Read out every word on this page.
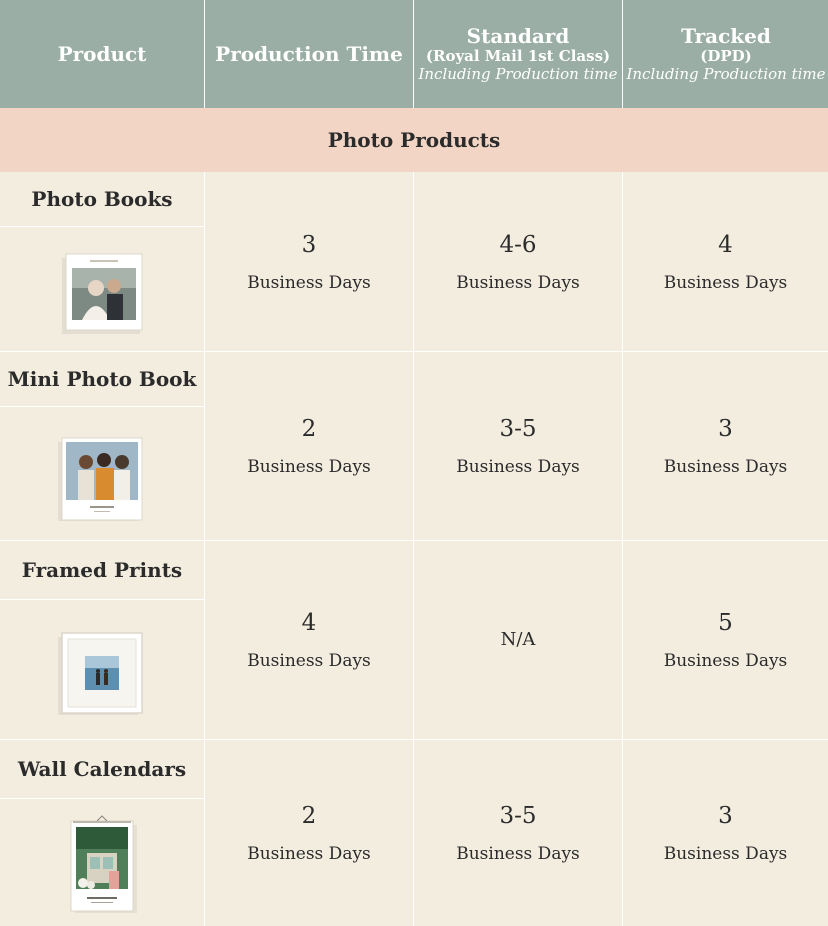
Product	Production Time
Standard
(Royal Mail 1st Class)
Including Production time
Tracked
(DPD)
Including Production time
Photo Products
Photo Books
3
Business Days
4-6
Business Days
4
Business Days
Mini Photo Book
2
Business Days
3-5
Business Days
3
Business Days
Framed Prints
4
Business Days
N/A
5
Business Days
Wall Calendars
2
Business Days
3-5
Business Days
3
Business Days
